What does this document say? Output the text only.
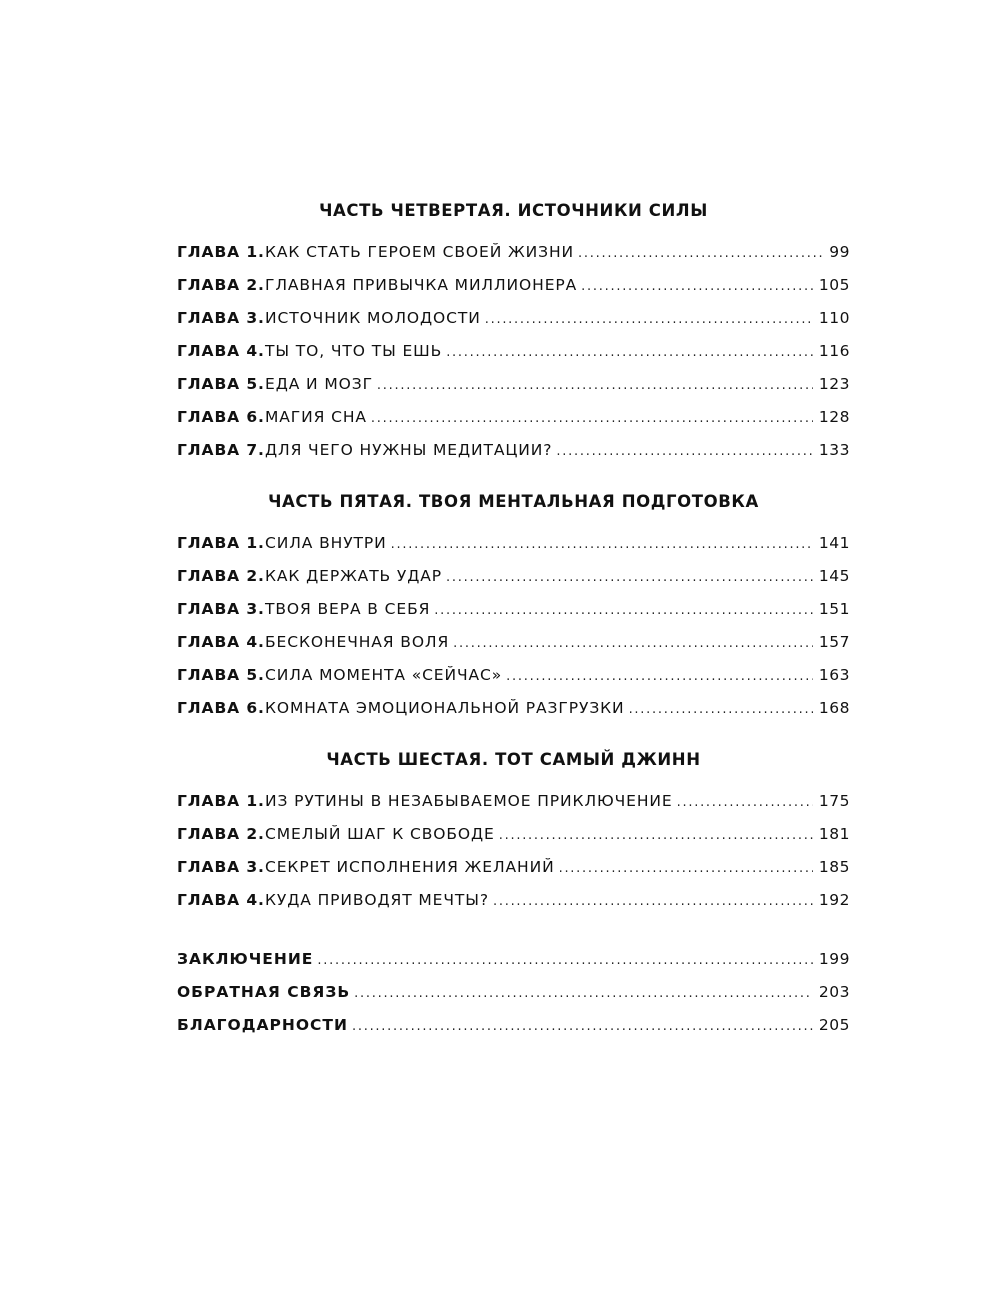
ЧАСТЬ ЧЕТВЕРТАЯ. ИСТОЧНИКИ СИЛЫ
ГЛАВА 1. КАК СТАТЬ ГЕРОЕМ СВОЕЙ ЖИЗНИ . . .	99
ГЛАВА 2. ГЛАВНАЯ ПРИВЫЧКА МИЛЛИОНЕРА . . .	105
ГЛАВА 3. ИСТОЧНИК МОЛОДОСТИ . . .	110
ГЛАВА 4. ТЫ ТО, ЧТО ТЫ ЕШЬ . . .	116
ГЛАВА 5. ЕДА И МОЗГ . . .	123
ГЛАВА 6. МАГИЯ СНА . . .	128
ГЛАВА 7. ДЛЯ ЧЕГО НУЖНЫ МЕДИТАЦИИ? . . .	133
ЧАСТЬ ПЯТАЯ. ТВОЯ МЕНТАЛЬНАЯ ПОДГОТОВКА
ГЛАВА 1. СИЛА ВНУТРИ . . .	141
ГЛАВА 2. КАК ДЕРЖАТЬ УДАР . . .	145
ГЛАВА 3. ТВОЯ ВЕРА В СЕБЯ . . .	151
ГЛАВА 4. БЕСКОНЕЧНАЯ ВОЛЯ . . .	157
ГЛАВА 5. СИЛА МОМЕНТА «СЕЙЧАС» . . .	163
ГЛАВА 6. КОМНАТА ЭМОЦИОНАЛЬНОЙ РАЗГРУЗКИ . . .	168
ЧАСТЬ ШЕСТАЯ. ТОТ САМЫЙ ДЖИНН
ГЛАВА 1. ИЗ РУТИНЫ В НЕЗАБЫВАЕМОЕ ПРИКЛЮЧЕНИЕ . . .	175
ГЛАВА 2. СМЕЛЫЙ ШАГ К СВОБОДЕ . . .	181
ГЛАВА 3. СЕКРЕТ ИСПОЛНЕНИЯ ЖЕЛАНИЙ . . .	185
ГЛАВА 4. КУДА ПРИВОДЯТ МЕЧТЫ? . . .	192
ЗАКЛЮЧЕНИЕ . . .	199
ОБРАТНАЯ СВЯЗЬ . . .	203
БЛАГОДАРНОСТИ . . .	205
